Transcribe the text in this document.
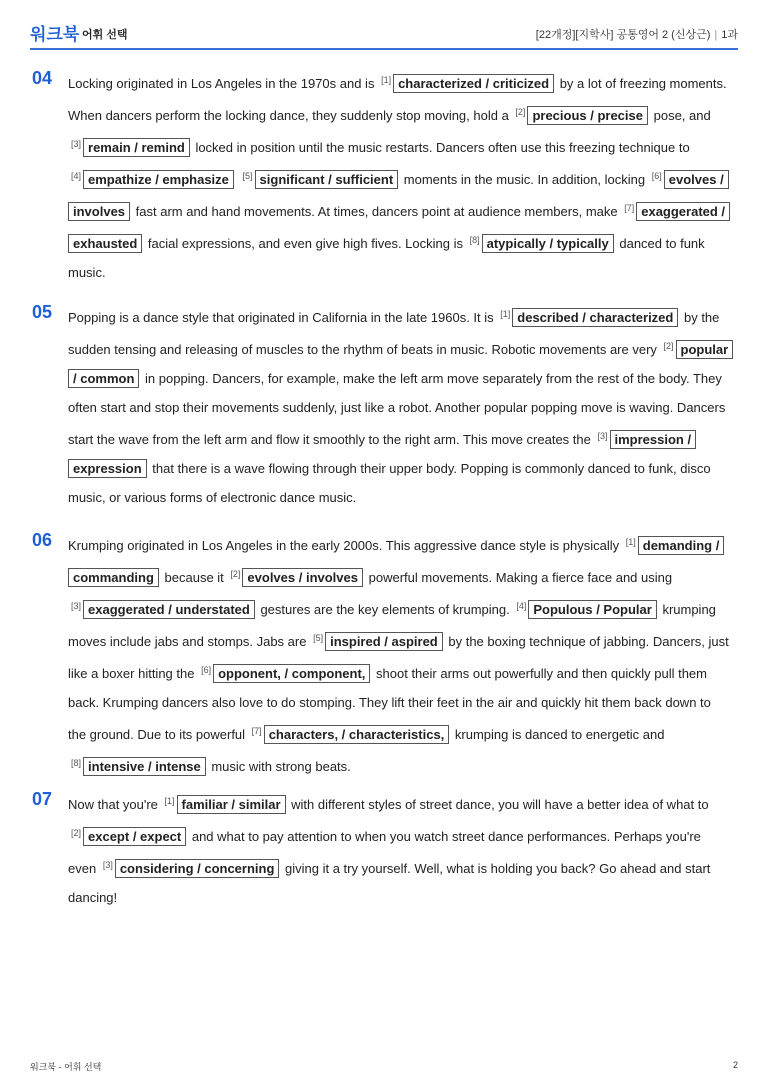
워크북 어휘 선택	[22개정][지학사] 공통영어 2 (신상근) | 1과
04 Locking originated in Los Angeles in the 1970s and is [1] characterized / criticized by a lot of freezing moments. When dancers perform the locking dance, they suddenly stop moving, hold a [2] precious / precise pose, and [3] remain / remind locked in position until the music restarts. Dancers often use this freezing technique to [4] empathize / emphasize [5] significant / sufficient moments in the music. In addition, locking [6] evolves / involves fast arm and hand movements. At times, dancers point at audience members, make [7] exaggerated / exhausted facial expressions, and even give high fives. Locking is [8] atypically / typically danced to funk music.
05 Popping is a dance style that originated in California in the late 1960s. It is [1] described / characterized by the sudden tensing and releasing of muscles to the rhythm of beats in music. Robotic movements are very [2] popular / common in popping. Dancers, for example, make the left arm move separately from the rest of the body. They often start and stop their movements suddenly, just like a robot. Another popular popping move is waving. Dancers start the wave from the left arm and flow it smoothly to the right arm. This move creates the [3] impression / expression that there is a wave flowing through their upper body. Popping is commonly danced to funk, disco music, or various forms of electronic dance music.
06 Krumping originated in Los Angeles in the early 2000s. This aggressive dance style is physically [1] demanding / commanding because it [2] evolves / involves powerful movements. Making a fierce face and using [3] exaggerated / understated gestures are the key elements of krumping. [4] Populous / Popular krumping moves include jabs and stomps. Jabs are [5] inspired / aspired by the boxing technique of jabbing. Dancers, just like a boxer hitting the [6] opponent, / component, shoot their arms out powerfully and then quickly pull them back. Krumping dancers also love to do stomping. They lift their feet in the air and quickly hit them back down to the ground. Due to its powerful [7] characters, / characteristics, krumping is danced to energetic and [8] intensive / intense music with strong beats.
07 Now that you're [1] familiar / similar with different styles of street dance, you will have a better idea of what to [2] except / expect and what to pay attention to when you watch street dance performances. Perhaps you're even [3] considering / concerning giving it a try yourself. Well, what is holding you back? Go ahead and start dancing!
워크북 - 어휘 선택	2
